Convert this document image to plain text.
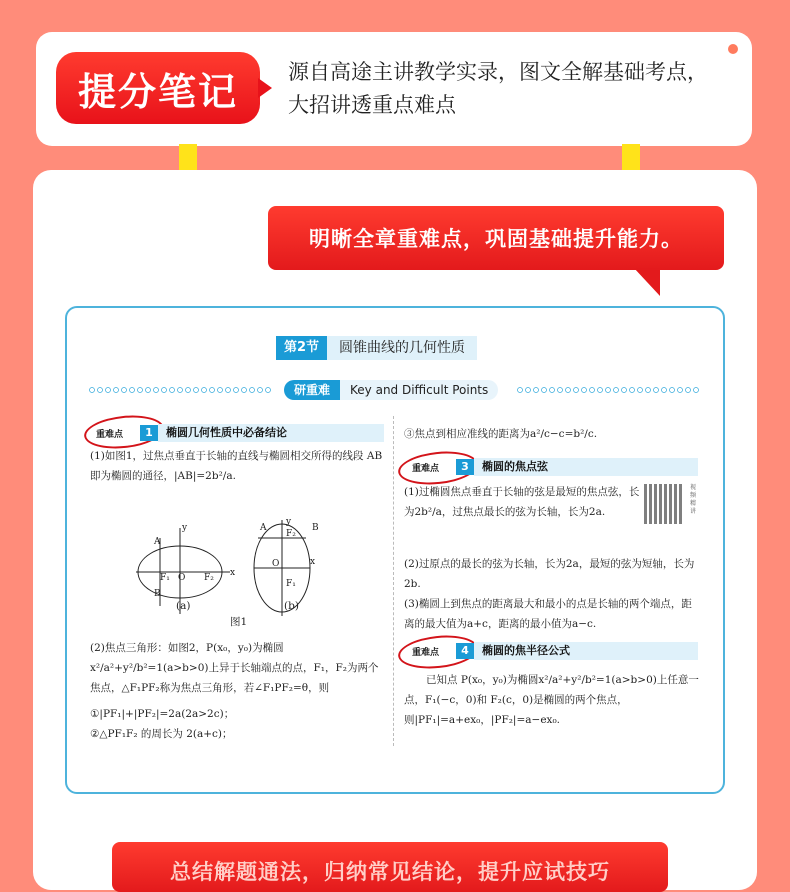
提分笔记	源自高途主讲教学实录，图文全解基础考点，大招讲透重点难点
明晰全章重难点，巩固基础提升能力。
第2节	圆锥曲线的几何性质
研重难	Key and Difficult Points
重难点	1	椭圆几何性质中必备结论
(1)如图1，过焦点垂直于长轴的直线与椭圆相交所得的线段 AB 即为椭圆的通径，|AB|=2b²/a.
A
B
F₁	F₂
O
y
x
A	B
F₂
F₁
O
y
x
(a)	(b)
图1
(2)焦点三角形：如图2，P(x₀，y₀)为椭圆x²/a²+y²/b²=1(a>b>0)上异于长轴端点的点，F₁，F₂为两个焦点，△F₁PF₂称为焦点三角形，若∠F₁PF₂=θ，则
①|PF₁|+|PF₂|=2a(2a>2c)；
②△PF₁F₂ 的周长为 2(a+c)；
③焦点到相应准线的距离为a²/c−c=b²/c.
重难点	3	椭圆的焦点弦
(1)过椭圆焦点垂直于长轴的弦是最短的焦点弦，长为2b²/a，过焦点最长的弦为长轴，长为2a.
视频精讲
(2)过原点的最长的弦为长轴，长为2a，最短的弦为短轴，长为2b.
(3)椭圆上到焦点的距离最大和最小的点是长轴的两个端点，距离的最大值为a+c，距离的最小值为a−c.
重难点	4	椭圆的焦半径公式
已知点 P(x₀，y₀)为椭圆x²/a²+y²/b²=1(a>b>0)上任意一点，F₁(−c，0)和 F₂(c，0)是椭圆的两个焦点，则|PF₁|=a+ex₀，|PF₂|=a−ex₀.
总结解题通法，归纳常见结论，提升应试技巧
